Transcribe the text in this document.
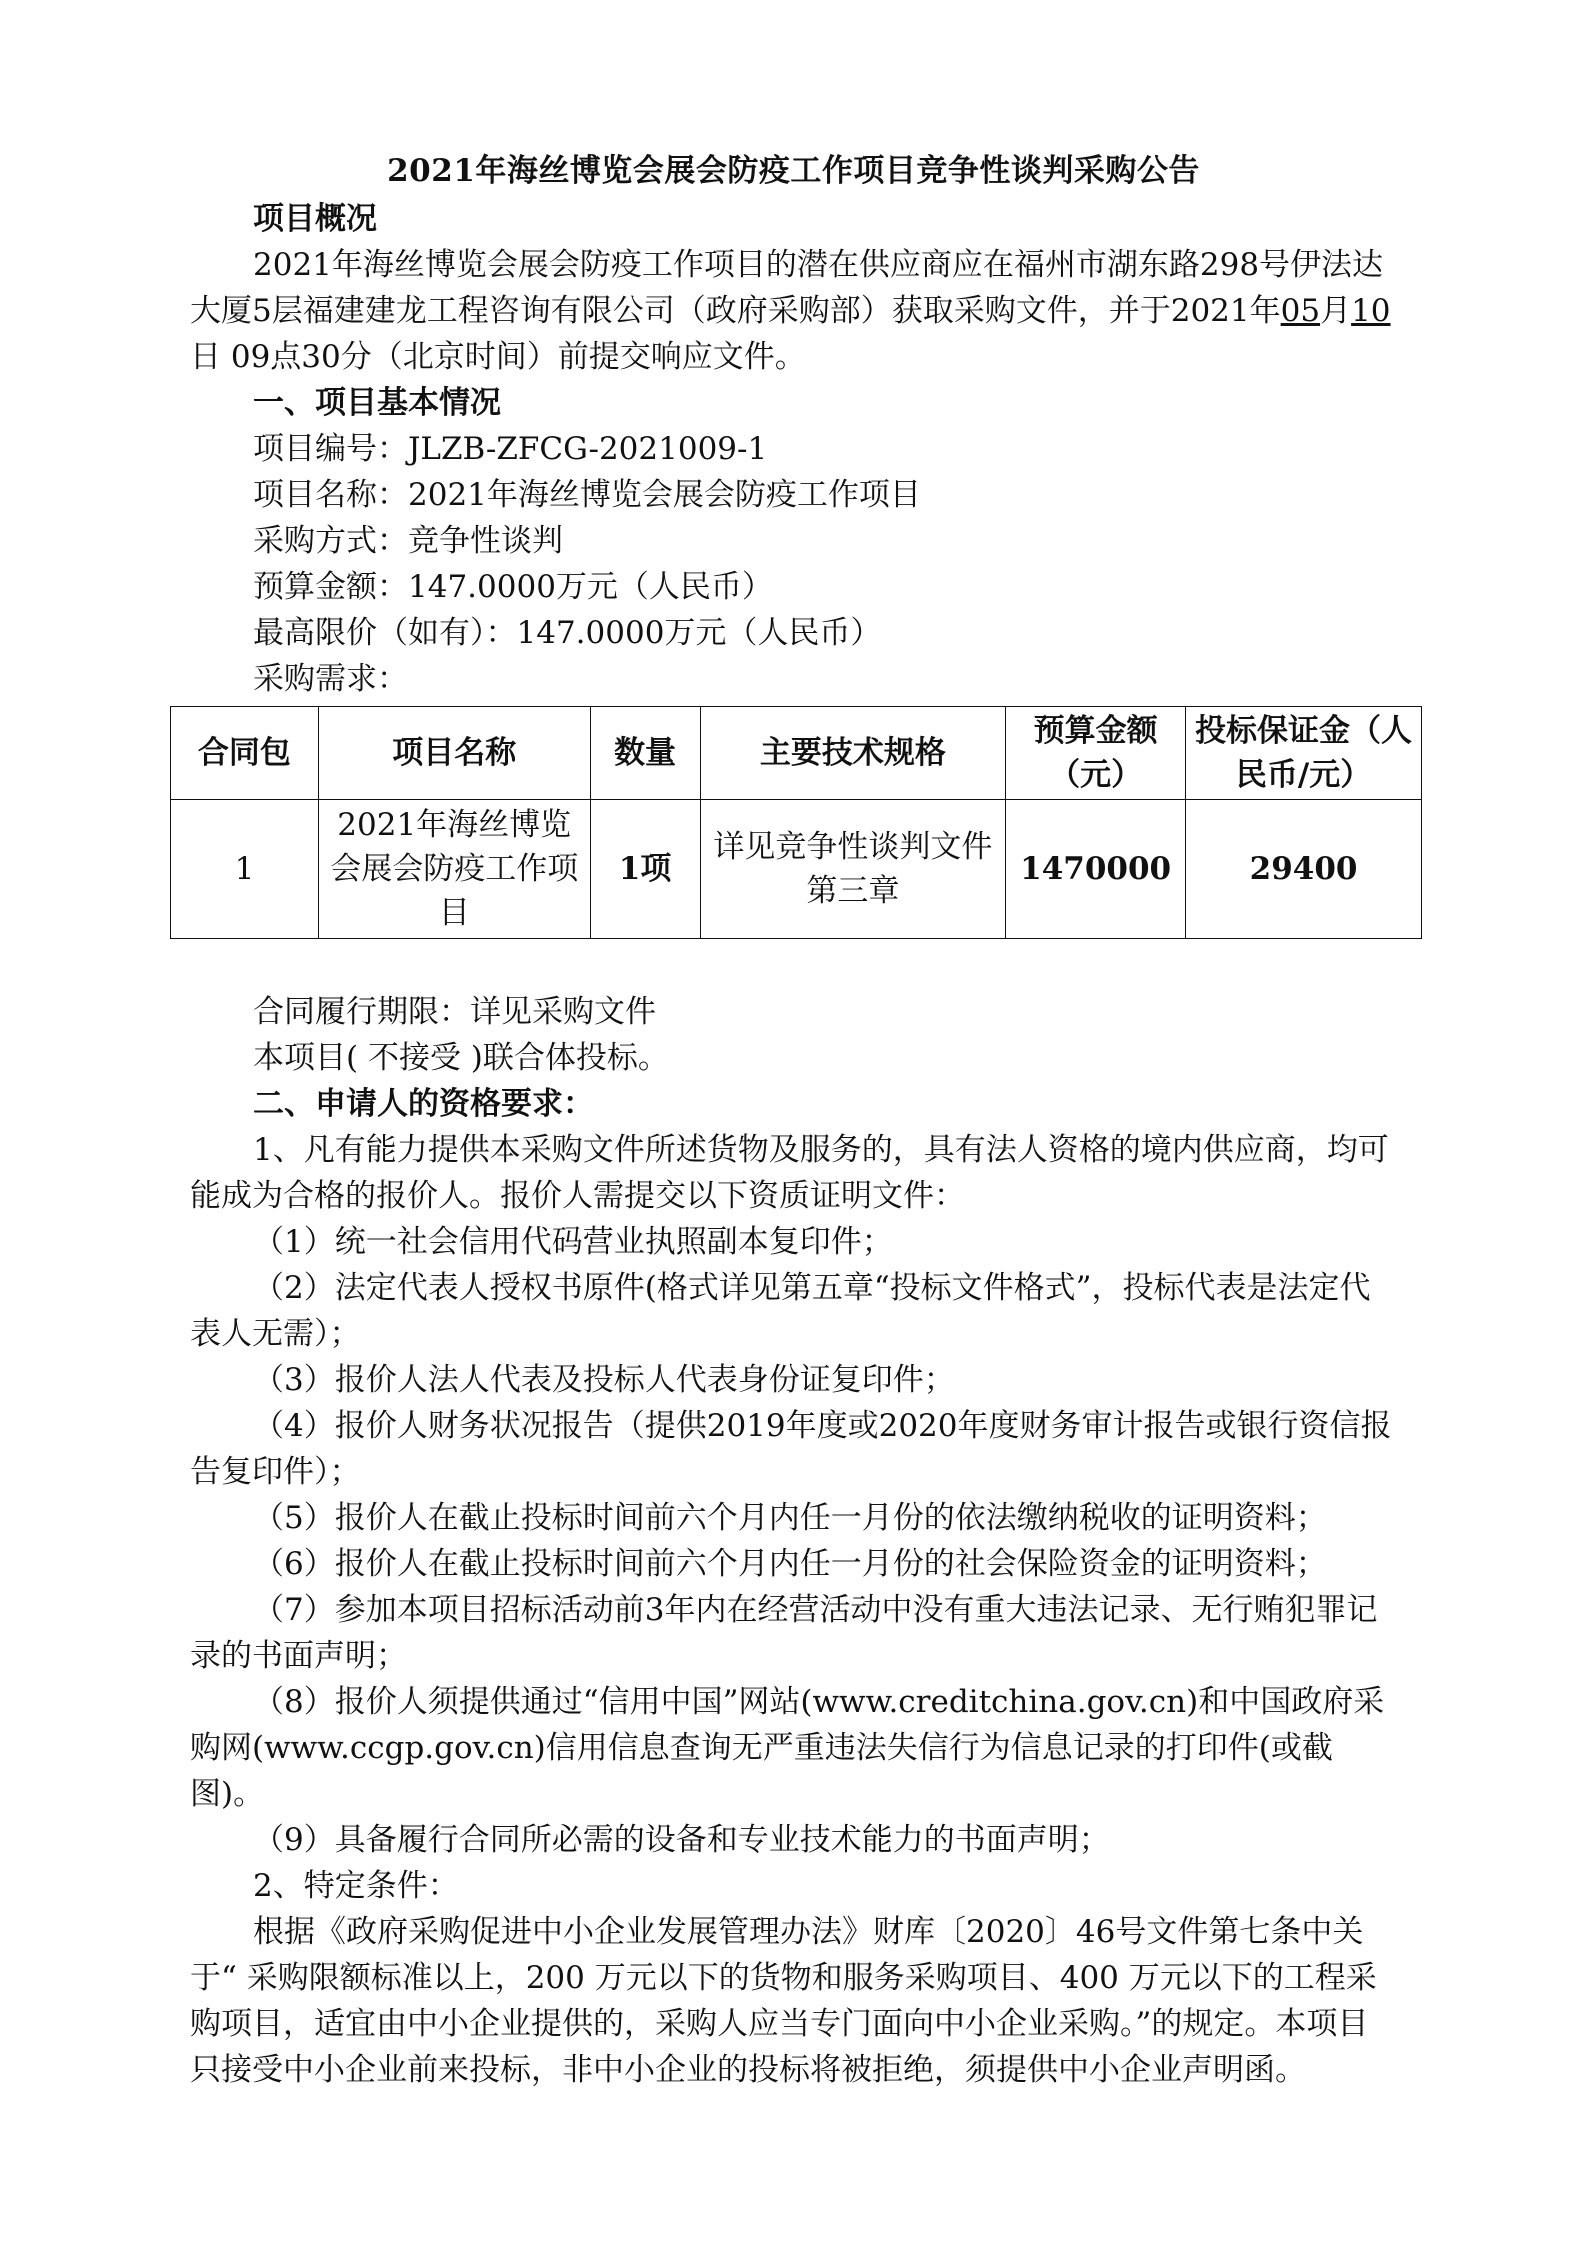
2021年海丝博览会展会防疫工作项目竞争性谈判采购公告

项目概况

2021年海丝博览会展会防疫工作项目的潜在供应商应在福州市湖东路298号伊法达大厦5层福建建龙工程咨询有限公司（政府采购部）获取采购文件，并于2021年05月10日 09点30分（北京时间）前提交响应文件。

一、项目基本情况

项目编号：JLZB-ZFCG-2021009-1

项目名称：2021年海丝博览会展会防疫工作项目

采购方式：竞争性谈判

预算金额：147.0000万元（人民币）

最高限价（如有）：147.0000万元（人民币）

采购需求：

合同包	项目名称	数量	主要技术规格	预算金额（元）	投标保证金（人民币/元）
1	2021年海丝博览会展会防疫工作项目	1项	详见竞争性谈判文件第三章	1470000	29400

合同履行期限：详见采购文件

本项目( 不接受 )联合体投标。

二、申请人的资格要求：

1、凡有能力提供本采购文件所述货物及服务的，具有法人资格的境内供应商，均可能成为合格的报价人。报价人需提交以下资质证明文件：

（1）统一社会信用代码营业执照副本复印件；

（2）法定代表人授权书原件(格式详见第五章“投标文件格式”，投标代表是法定代表人无需）；

（3）报价人法人代表及投标人代表身份证复印件；

（4）报价人财务状况报告（提供2019年度或2020年度财务审计报告或银行资信报告复印件）；

（5）报价人在截止投标时间前六个月内任一月份的依法缴纳税收的证明资料；

（6）报价人在截止投标时间前六个月内任一月份的社会保险资金的证明资料；

（7）参加本项目招标活动前3年内在经营活动中没有重大违法记录、无行贿犯罪记录的书面声明；

（8）报价人须提供通过“信用中国”网站(www.creditchina.gov.cn)和中国政府采购网(www.ccgp.gov.cn)信用信息查询无严重违法失信行为信息记录的打印件(或截图)。

（9）具备履行合同所必需的设备和专业技术能力的书面声明；

2、特定条件：

根据《政府采购促进中小企业发展管理办法》财库〔2020〕46号文件第七条中关于“ 采购限额标准以上，200 万元以下的货物和服务采购项目、400 万元以下的工程采购项目，适宜由中小企业提供的，采购人应当专门面向中小企业采购。”的规定。本项目只接受中小企业前来投标，非中小企业的投标将被拒绝，须提供中小企业声明函。
